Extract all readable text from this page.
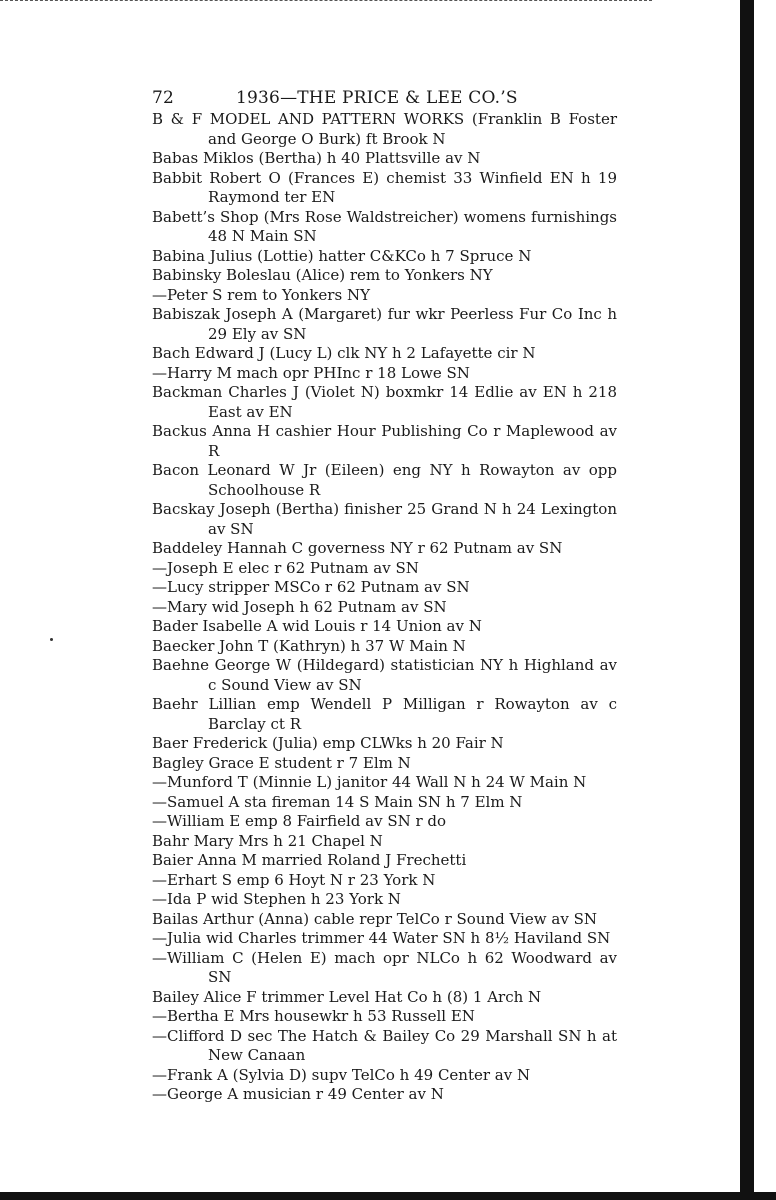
72	1936—THE PRICE & LEE CO.’S
B & F MODEL AND PATTERN WORKS (Franklin B Foster and George O Burk) ft Brook N
Babas Miklos (Bertha) h 40 Plattsville av N
Babbit Robert O (Frances E) chemist 33 Winfield EN h 19 Raymond ter EN
Babett’s Shop (Mrs Rose Waldstreicher) womens furnishings 48 N Main SN
Babina Julius (Lottie) hatter C&KCo h 7 Spruce N
Babinsky Boleslau (Alice) rem to Yonkers NY
—Peter S rem to Yonkers NY
Babiszak Joseph A (Margaret) fur wkr Peerless Fur Co Inc h 29 Ely av SN
Bach Edward J (Lucy L) clk NY h 2 Lafayette cir N
—Harry M mach opr PHInc r 18 Lowe SN
Backman Charles J (Violet N) boxmkr 14 Edlie av EN h 218 East av EN
Backus Anna H cashier Hour Publishing Co r Maplewood av R
Bacon Leonard W Jr (Eileen) eng NY h Rowayton av opp Schoolhouse R
Bacskay Joseph (Bertha) finisher 25 Grand N h 24 Lexington av SN
Baddeley Hannah C governess NY r 62 Putnam av SN
—Joseph E elec r 62 Putnam av SN
—Lucy stripper MSCo r 62 Putnam av SN
—Mary wid Joseph h 62 Putnam av SN
Bader Isabelle A wid Louis r 14 Union av N
Baecker John T (Kathryn) h 37 W Main N
Baehne George W (Hildegard) statistician NY h Highland av c Sound View av SN
Baehr Lillian emp Wendell P Milligan r Rowayton av c Barclay ct R
Baer Frederick (Julia) emp CLWks h 20 Fair N
Bagley Grace E student r 7 Elm N
—Munford T (Minnie L) janitor 44 Wall N h 24 W Main N
—Samuel A sta fireman 14 S Main SN h 7 Elm N
—William E emp 8 Fairfield av SN r do
Bahr Mary Mrs h 21 Chapel N
Baier Anna M married Roland J Frechetti
—Erhart S emp 6 Hoyt N r 23 York N
—Ida P wid Stephen h 23 York N
Bailas Arthur (Anna) cable repr TelCo r Sound View av SN
—Julia wid Charles trimmer 44 Water SN h 8½ Haviland SN
—William C (Helen E) mach opr NLCo h 62 Woodward av SN
Bailey Alice F trimmer Level Hat Co h (8) 1 Arch N
—Bertha E Mrs housewkr h 53 Russell EN
—Clifford D sec The Hatch & Bailey Co 29 Marshall SN h at New Canaan
—Frank A (Sylvia D) supv TelCo h 49 Center av N
—George A musician r 49 Center av N
